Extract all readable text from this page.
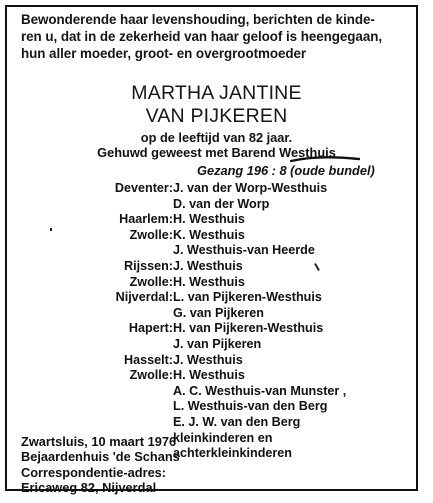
Bewonderende haar levenshouding, berichten de kinde-
ren u, dat in de zekerheid van haar geloof is heengegaan,
hun aller moeder, groot- en overgrootmoeder
MARTHA JANTINE
VAN PIJKEREN
op de leeftijd van 82 jaar.
Gehuwd geweest met Barend Westhuis
Gezang 196 : 8 (oude bundel)
Deventer: J. van der Worp-Westhuis
D. van der Worp
Haarlem: H. Westhuis
Zwolle: K. Westhuis
J. Westhuis-van Heerde
Rijssen: J. Westhuis
Zwolle: H. Westhuis
Nijverdal: L. van Pijkeren-Westhuis
G. van Pijkeren
Hapert: H. van Pijkeren-Westhuis
J. van Pijkeren
Hasselt: J. Westhuis
Zwolle: H. Westhuis
A. C. Westhuis-van Munster ,
L. Westhuis-van den Berg
E. J. W. van den Berg
kleinkinderen en
achterkleinkinderen
Zwartsluis, 10 maart 1976
Bejaardenhuis 'de Schans'
Correspondentie-adres:
Ericaweg 82, Nijverdal
